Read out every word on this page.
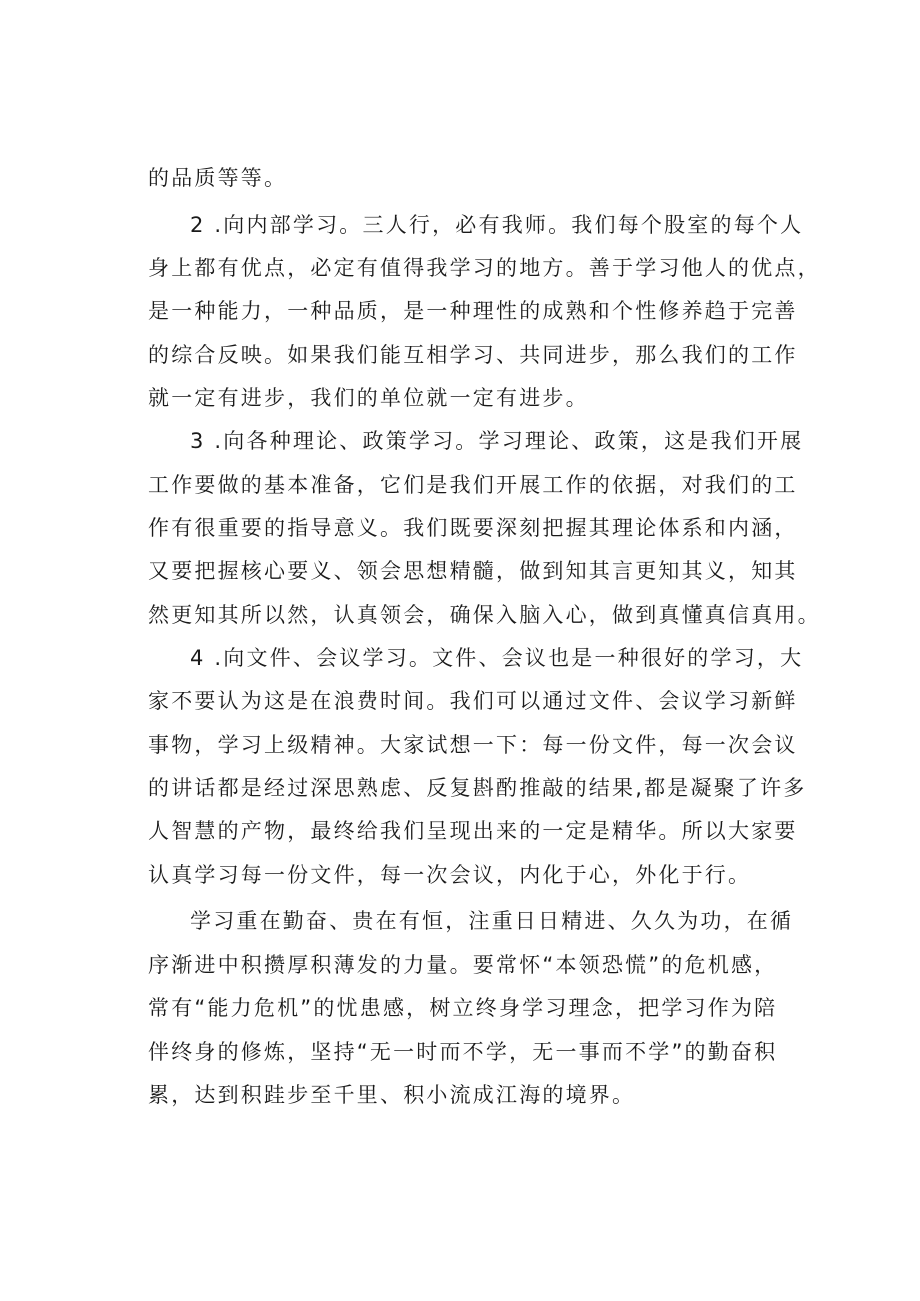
的品质等等。
2 .向内部学习。三人行，必有我师。我们每个股室的每个人
身上都有优点，必定有值得我学习的地方。善于学习他人的优点，
是一种能力，一种品质，是一种理性的成熟和个性修养趋于完善
的综合反映。如果我们能互相学习、共同进步，那么我们的工作
就一定有进步，我们的单位就一定有进步。
3 .向各种理论、政策学习。学习理论、政策，这是我们开展
工作要做的基本准备，它们是我们开展工作的依据，对我们的工
作有很重要的指导意义。我们既要深刻把握其理论体系和内涵，
又要把握核心要义、领会思想精髓，做到知其言更知其义，知其
然更知其所以然，认真领会，确保入脑入心，做到真懂真信真用。
4 .向文件、会议学习。文件、会议也是一种很好的学习，大
家不要认为这是在浪费时间。我们可以通过文件、会议学习新鲜
事物，学习上级精神。大家试想一下：每一份文件，每一次会议
的讲话都是经过深思熟虑、反复斟酌推敲的结果,都是凝聚了许多
人智慧的产物，最终给我们呈现出来的一定是精华。所以大家要
认真学习每一份文件，每一次会议，内化于心，外化于行。
学习重在勤奋、贵在有恒，注重日日精进、久久为功，在循
序渐进中积攒厚积薄发的力量。要常怀“本领恐慌”的危机感，
常有“能力危机”的忧患感，树立终身学习理念，把学习作为陪
伴终身的修炼，坚持“无一时而不学，无一事而不学”的勤奋积
累，达到积跬步至千里、积小流成江海的境界。
